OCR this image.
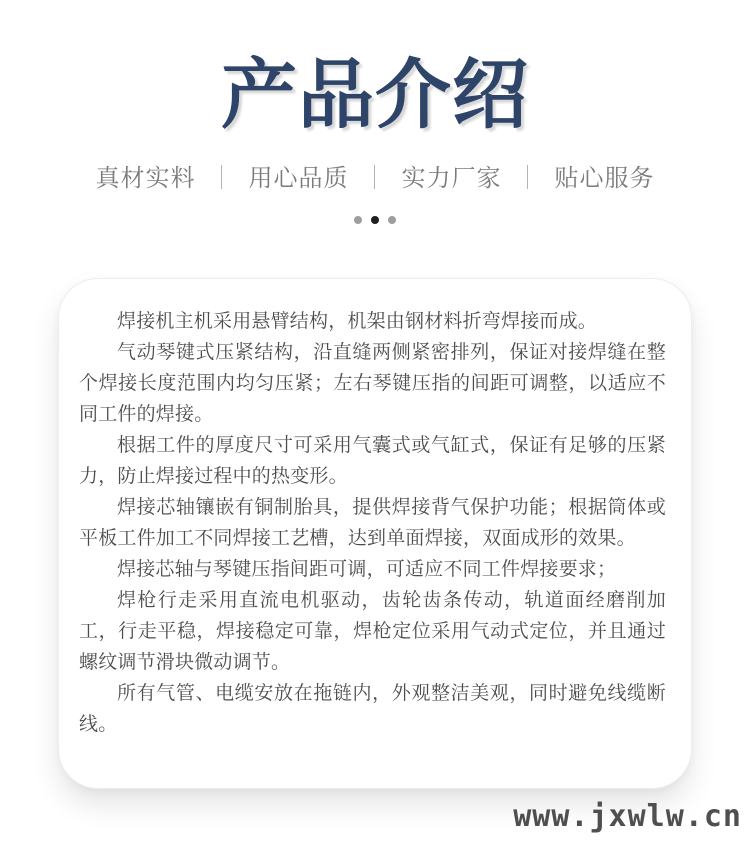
产品介绍
真材实料 ｜ 用心品质 ｜ 实力厂家 ｜ 贴心服务

焊接机主机采用悬臂结构，机架由钢材料折弯焊接而成。

气动琴键式压紧结构，沿直缝两侧紧密排列，保证对接焊缝在整个焊接长度范围内均匀压紧；左右琴键压指的间距可调整，以适应不同工件的焊接。

根据工件的厚度尺寸可采用气囊式或气缸式，保证有足够的压紧力，防止焊接过程中的热变形。

焊接芯轴镶嵌有铜制胎具，提供焊接背气保护功能；根据筒体或平板工件加工不同焊接工艺槽，达到单面焊接，双面成形的效果。

焊接芯轴与琴键压指间距可调，可适应不同工件焊接要求；

焊枪行走采用直流电机驱动，齿轮齿条传动，轨道面经磨削加工，行走平稳，焊接稳定可靠，焊枪定位采用气动式定位，并且通过螺纹调节滑块微动调节。

所有气管、电缆安放在拖链内，外观整洁美观，同时避免线缆断线。

www.jxwlw.cn
